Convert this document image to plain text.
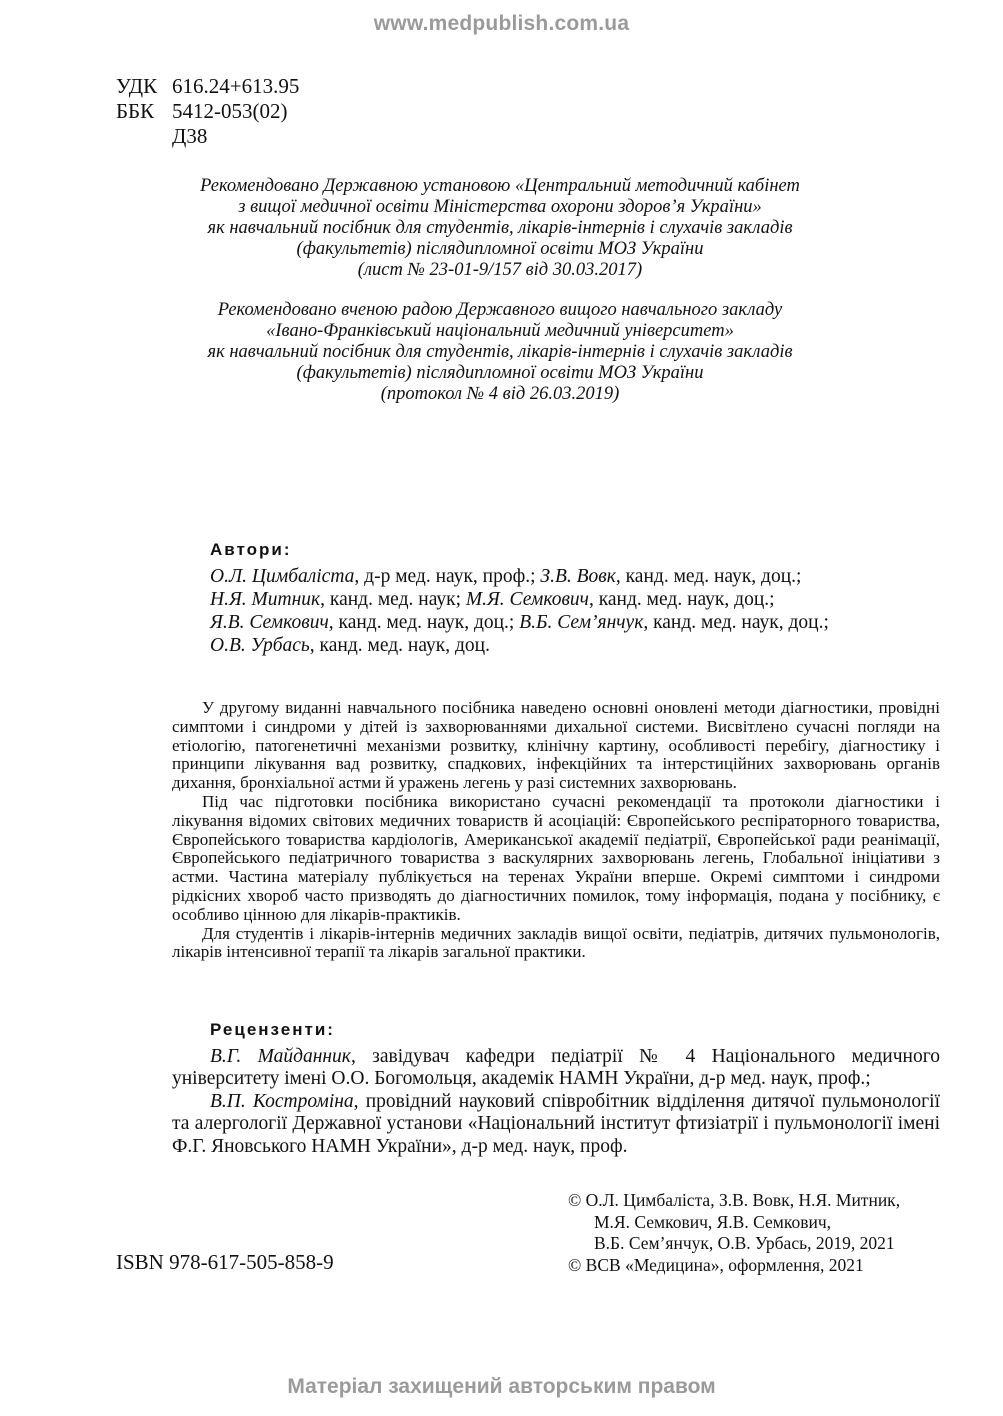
www.medpublish.com.ua
УДК 616.24+613.95
ББК 5412-053(02)
Д38
Рекомендовано Державною установою «Центральний методичний кабінет
з вищої медичної освіти Міністерства охорони здоров’я України»
як навчальний посібник для студентів, лікарів-інтернів і слухачів закладів
(факультетів) післядипломної освіти МОЗ України
(лист № 23-01-9/157 від 30.03.2017)
Рекомендовано вченою радою Державного вищого навчального закладу
«Івано-Франківський національний медичний університет»
як навчальний посібник для студентів, лікарів-інтернів і слухачів закладів
(факультетів) післядипломної освіти МОЗ України
(протокол № 4 від 26.03.2019)
Автори:
О.Л. Цимбаліста, д-р мед. наук, проф.; З.В. Вовк, канд. мед. наук, доц.;
Н.Я. Митник, канд. мед. наук; М.Я. Семкович, канд. мед. наук, доц.;
Я.В. Семкович, канд. мед. наук, доц.; В.Б. Сем’янчук, канд. мед. наук, доц.;
О.В. Урбась, канд. мед. наук, доц.

У другому виданні навчального посібника наведено основні оновлені методи діагностики, провідні симптоми і синдроми у дітей із захворюваннями дихальної системи. Висвітлено сучасні погляди на етіологію, патогенетичні механізми розвитку, клінічну картину, особливості перебігу, діагностику і принципи лікування вад розвитку, спадкових, інфекційних та інтерстиційних захворювань органів дихання, бронхіальної астми й уражень легень у разі системних захворювань.

Під час підготовки посібника використано сучасні рекомендації та протоколи діагностики і лікування відомих світових медичних товариств й асоціацій: Європейського респіраторного товариства, Європейського товариства кардіологів, Американської академії педіатрії, Європейської ради реанімації, Європейського педіатричного товариства з васкулярних захворювань легень, Глобальної ініціативи з астми. Частина матеріалу публікується на теренах України вперше. Окремі симптоми і синдроми рідкісних хвороб часто призводять до діагностичних помилок, тому інформація, подана у посібнику, є особливо цінною для лікарів-практиків.

Для студентів і лікарів-інтернів медичних закладів вищої освіти, педіатрів, дитячих пульмонологів, лікарів інтенсивної терапії та лікарів загальної практики.

Рецензенти:

В.Г. Майданник, завідувач кафедри педіатрії № 4 Національного медичного університету імені О.О. Богомольця, академік НАМН України, д-р мед. наук, проф.;

В.П. Костроміна, провідний науковий співробітник відділення дитячої пульмонології та алергології Державної установи «Національний інститут фтизіатрії і пульмонології імені Ф.Г. Яновського НАМН України», д-р мед. наук, проф.

ISBN 978-617-505-858-9
© О.Л. Цимбаліста, З.В. Вовк, Н.Я. Митник,
М.Я. Семкович, Я.В. Семкович,
В.Б. Сем’янчук, О.В. Урбась, 2019, 2021
© ВСВ «Медицина», оформлення, 2021
Матеріал захищений авторським правом
